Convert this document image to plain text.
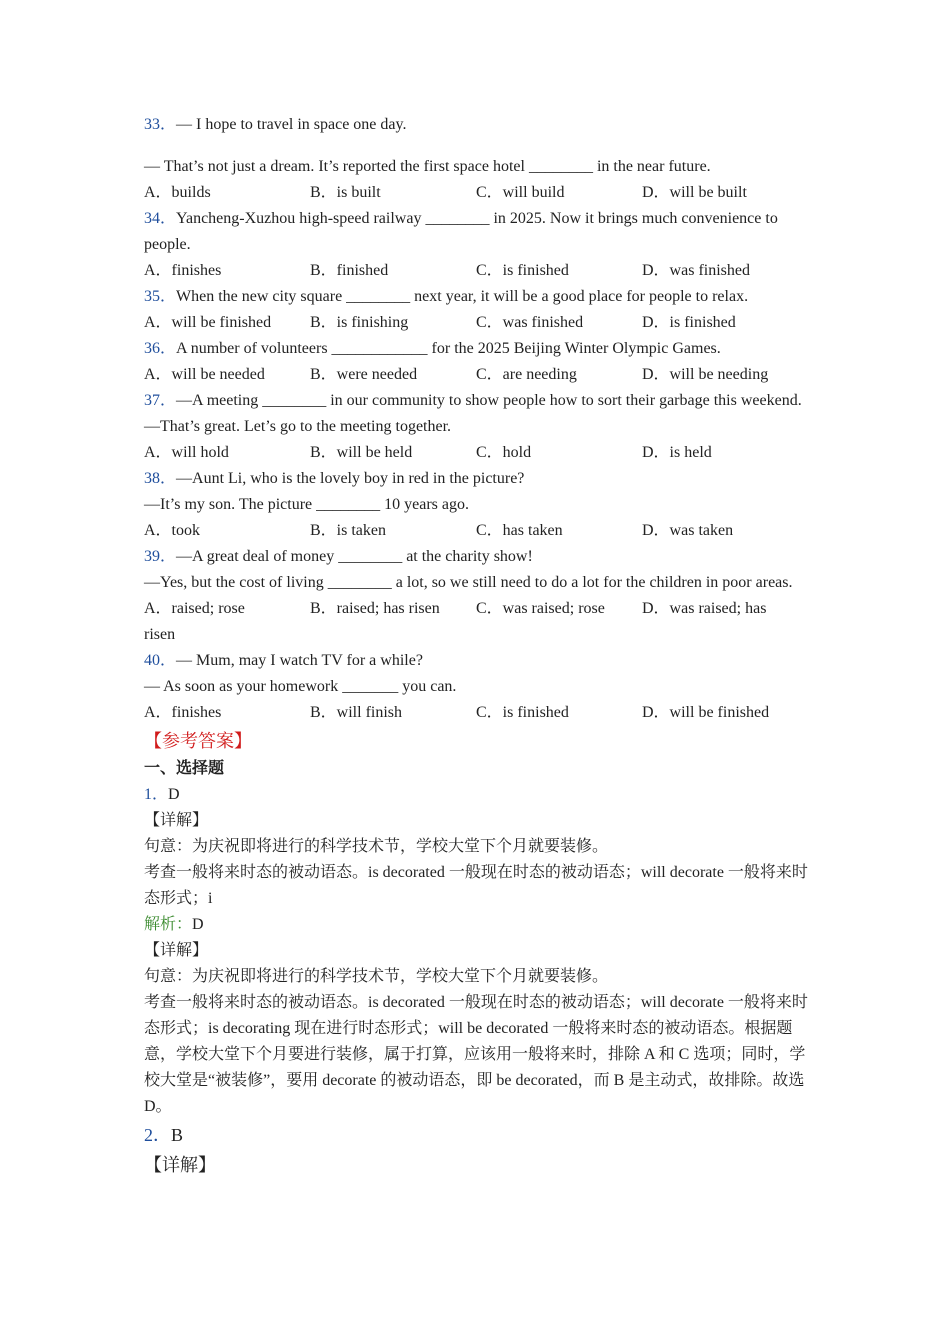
33．— I hope to travel in space one day.
— That’s not just a dream. It’s reported the first space hotel ________ in the near future.
A．builds	B．is built	C．will build	D．will be built
34．Yancheng-Xuzhou high-speed railway ________ in 2025. Now it brings much convenience to people.
A．finishes	B．finished	C．is finished	D．was finished
35．When the new city square ________ next year, it will be a good place for people to relax.
A．will be finished	B．is finishing	C．was finished	D．is finished
36．A number of volunteers ____________ for the 2025 Beijing Winter Olympic Games.
A．will be needed	B．were needed	C．are needing	D．will be needing
37．—A meeting ________ in our community to show people how to sort their garbage this weekend.
—That’s great. Let’s go to the meeting together.
A．will hold	B．will be held	C．hold	D．is held
38．—Aunt Li, who is the lovely boy in red in the picture?
—It’s my son. The picture ________ 10 years ago.
A．took	B．is taken	C．has taken	D．was taken
39．—A great deal of money ________ at the charity show!
—Yes, but the cost of living ________ a lot, so we still need to do a lot for the children in poor areas.
A．raised; rose	B．raised; has risen	C．was raised; rose	D．was raised; has
risen
40．— Mum, may I watch TV for a while?
— As soon as your homework _______ you can.
A．finishes	B．will finish	C．is finished	D．will be finished
【参考答案】
一、选择题
1．D
【详解】
句意：为庆祝即将进行的科学技术节，学校大堂下个月就要装修。
考查一般将来时态的被动语态。is decorated 一般现在时态的被动语态；will decorate 一般将来时态形式；i
解析：D
【详解】
句意：为庆祝即将进行的科学技术节，学校大堂下个月就要装修。
考查一般将来时态的被动语态。is decorated 一般现在时态的被动语态；will decorate 一般将来时态形式；is decorating 现在进行时态形式；will be decorated 一般将来时态的被动语态。根据题意，学校大堂下个月要进行装修，属于打算，应该用一般将来时，排除 A 和 C 选项；同时，学校大堂是“被装修”，要用 decorate 的被动语态，即 be decorated，而 B 是主动式，故排除。故选 D。
2．B
【详解】
